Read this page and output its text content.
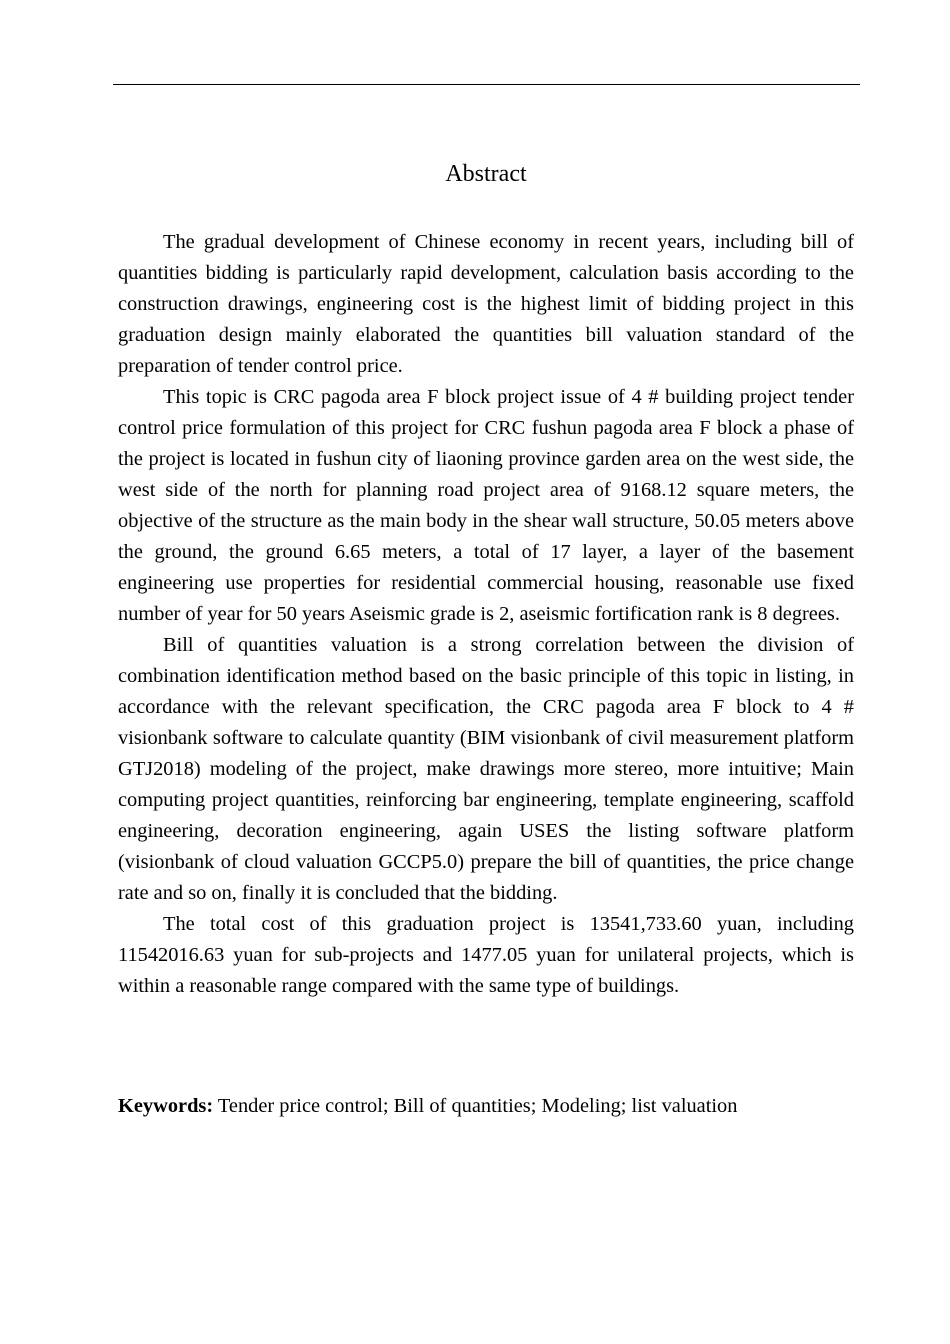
Abstract

The gradual development of Chinese economy in recent years, including bill of quantities bidding is particularly rapid development, calculation basis according to the construction drawings, engineering cost is the highest limit of bidding project in this graduation design mainly elaborated the quantities bill valuation standard of the preparation of tender control price.

This topic is CRC pagoda area F block project issue of 4 # building project tender control price formulation of this project for CRC fushun pagoda area F block a phase of the project is located in fushun city of liaoning province garden area on the west side, the west side of the north for planning road project area of 9168.12 square meters, the objective of the structure as the main body in the shear wall structure, 50.05 meters above the ground, the ground 6.65 meters, a total of 17 layer, a layer of the basement engineering use properties for residential commercial housing, reasonable use fixed number of year for 50 years Aseismic grade is 2, aseismic fortification rank is 8 degrees.

Bill of quantities valuation is a strong correlation between the division of combination identification method based on the basic principle of this topic in listing, in accordance with the relevant specification, the CRC pagoda area F block to 4 # visionbank software to calculate quantity (BIM visionbank of civil measurement platform GTJ2018) modeling of the project, make drawings more stereo, more intuitive; Main computing project quantities, reinforcing bar engineering, template engineering, scaffold engineering, decoration engineering, again USES the listing software platform (visionbank of cloud valuation GCCP5.0) prepare the bill of quantities, the price change rate and so on, finally it is concluded that the bidding.

The total cost of this graduation project is 13541,733.60 yuan, including 11542016.63 yuan for sub-projects and 1477.05 yuan for unilateral projects, which is within a reasonable range compared with the same type of buildings.

Keywords: Tender price control; Bill of quantities; Modeling; list valuation
